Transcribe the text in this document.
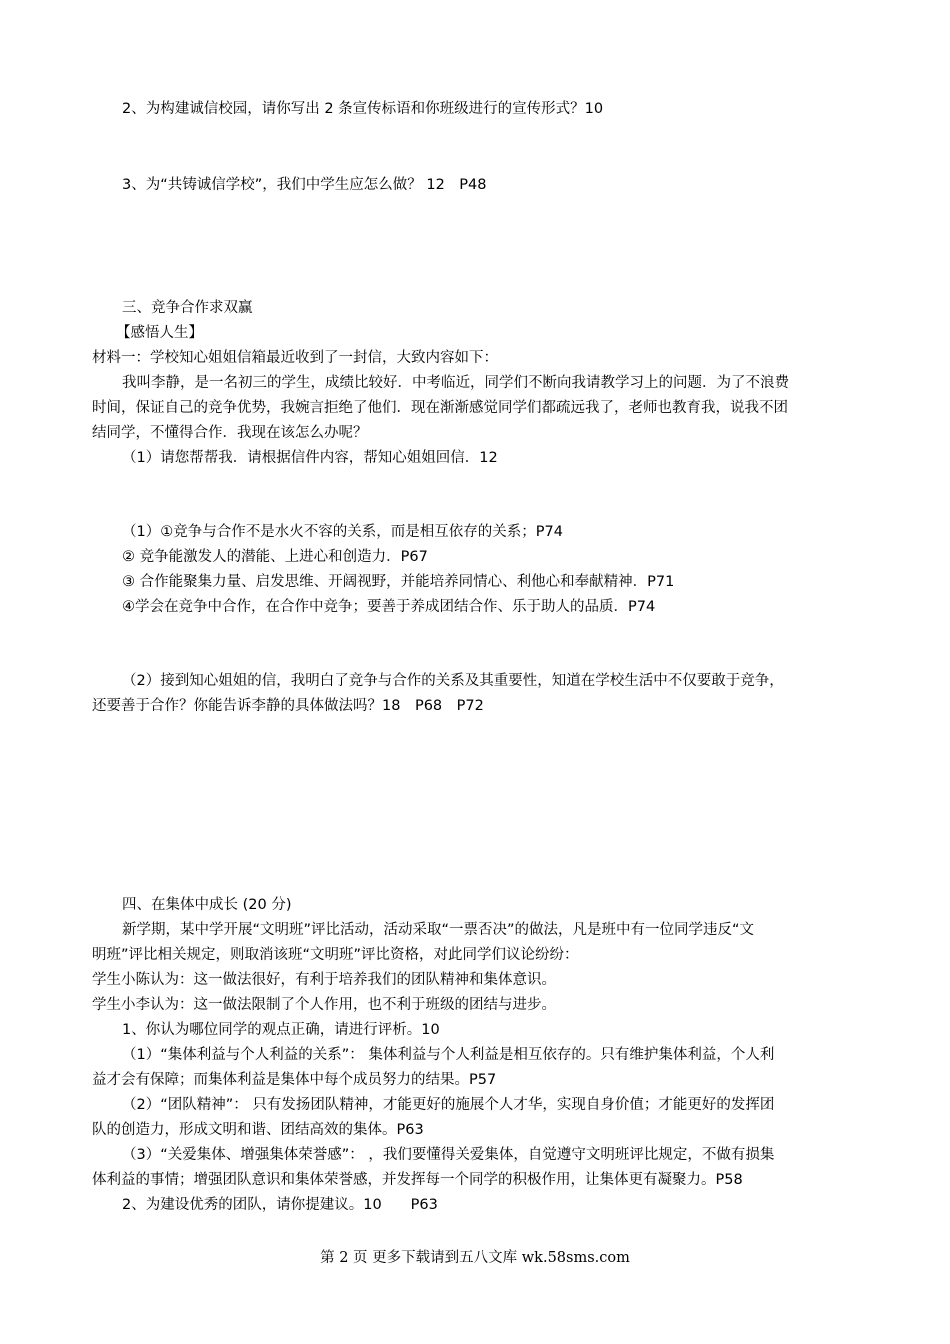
2、为构建诚信校园，请你写出 2 条宣传标语和你班级进行的宣传形式？10
3、为“共铸诚信学校”，我们中学生应怎么做？ 12　P48
三、竞争合作求双赢
【感悟人生】
材料一：学校知心姐姐信箱最近收到了一封信，大致内容如下：
我叫李静，是一名初三的学生，成绩比较好．中考临近，同学们不断向我请教学习上的问题．为了不浪费
时间，保证自己的竞争优势，我婉言拒绝了他们．现在渐渐感觉同学们都疏远我了，老师也教育我，说我不团
结同学，不懂得合作．我现在该怎么办呢？
（1）请您帮帮我．请根据信件内容，帮知心姐姐回信．12
（1）①竞争与合作不是水火不容的关系，而是相互依存的关系；P74
② 竞争能激发人的潜能、上进心和创造力．P67
③ 合作能聚集力量、启发思维、开阔视野，并能培养同情心、利他心和奉献精神．P71
④学会在竞争中合作，在合作中竞争；要善于养成团结合作、乐于助人的品质．P74
（2）接到知心姐姐的信，我明白了竞争与合作的关系及其重要性，知道在学校生活中不仅要敢于竞争，
还要善于合作？你能告诉李静的具体做法吗？18　P68　P72
四、在集体中成长 (20 分)
新学期，某中学开展“文明班”评比活动，活动采取“一票否决”的做法，凡是班中有一位同学违反“文
明班”评比相关规定，则取消该班“文明班”评比资格，对此同学们议论纷纷：
学生小陈认为：这一做法很好，有利于培养我们的团队精神和集体意识。
学生小李认为：这一做法限制了个人作用，也不利于班级的团结与进步。
1、你认为哪位同学的观点正确，请进行评析。10
（1）“集体利益与个人利益的关系”： 集体利益与个人利益是相互依存的。只有维护集体利益，个人利
益才会有保障；而集体利益是集体中每个成员努力的结果。P57
（2）“团队精神”： 只有发扬团队精神，才能更好的施展个人才华，实现自身价值；才能更好的发挥团
队的创造力，形成文明和谐、团结高效的集体。P63
（3）“关爱集体、增强集体荣誉感”： ，我们要懂得关爱集体，自觉遵守文明班评比规定，不做有损集
体利益的事情；增强团队意识和集体荣誉感，并发挥每一个同学的积极作用，让集体更有凝聚力。P58
2、为建设优秀的团队，请你提建议。10　　P63
第 2 页 更多下载请到五八文库 wk.58sms.com
